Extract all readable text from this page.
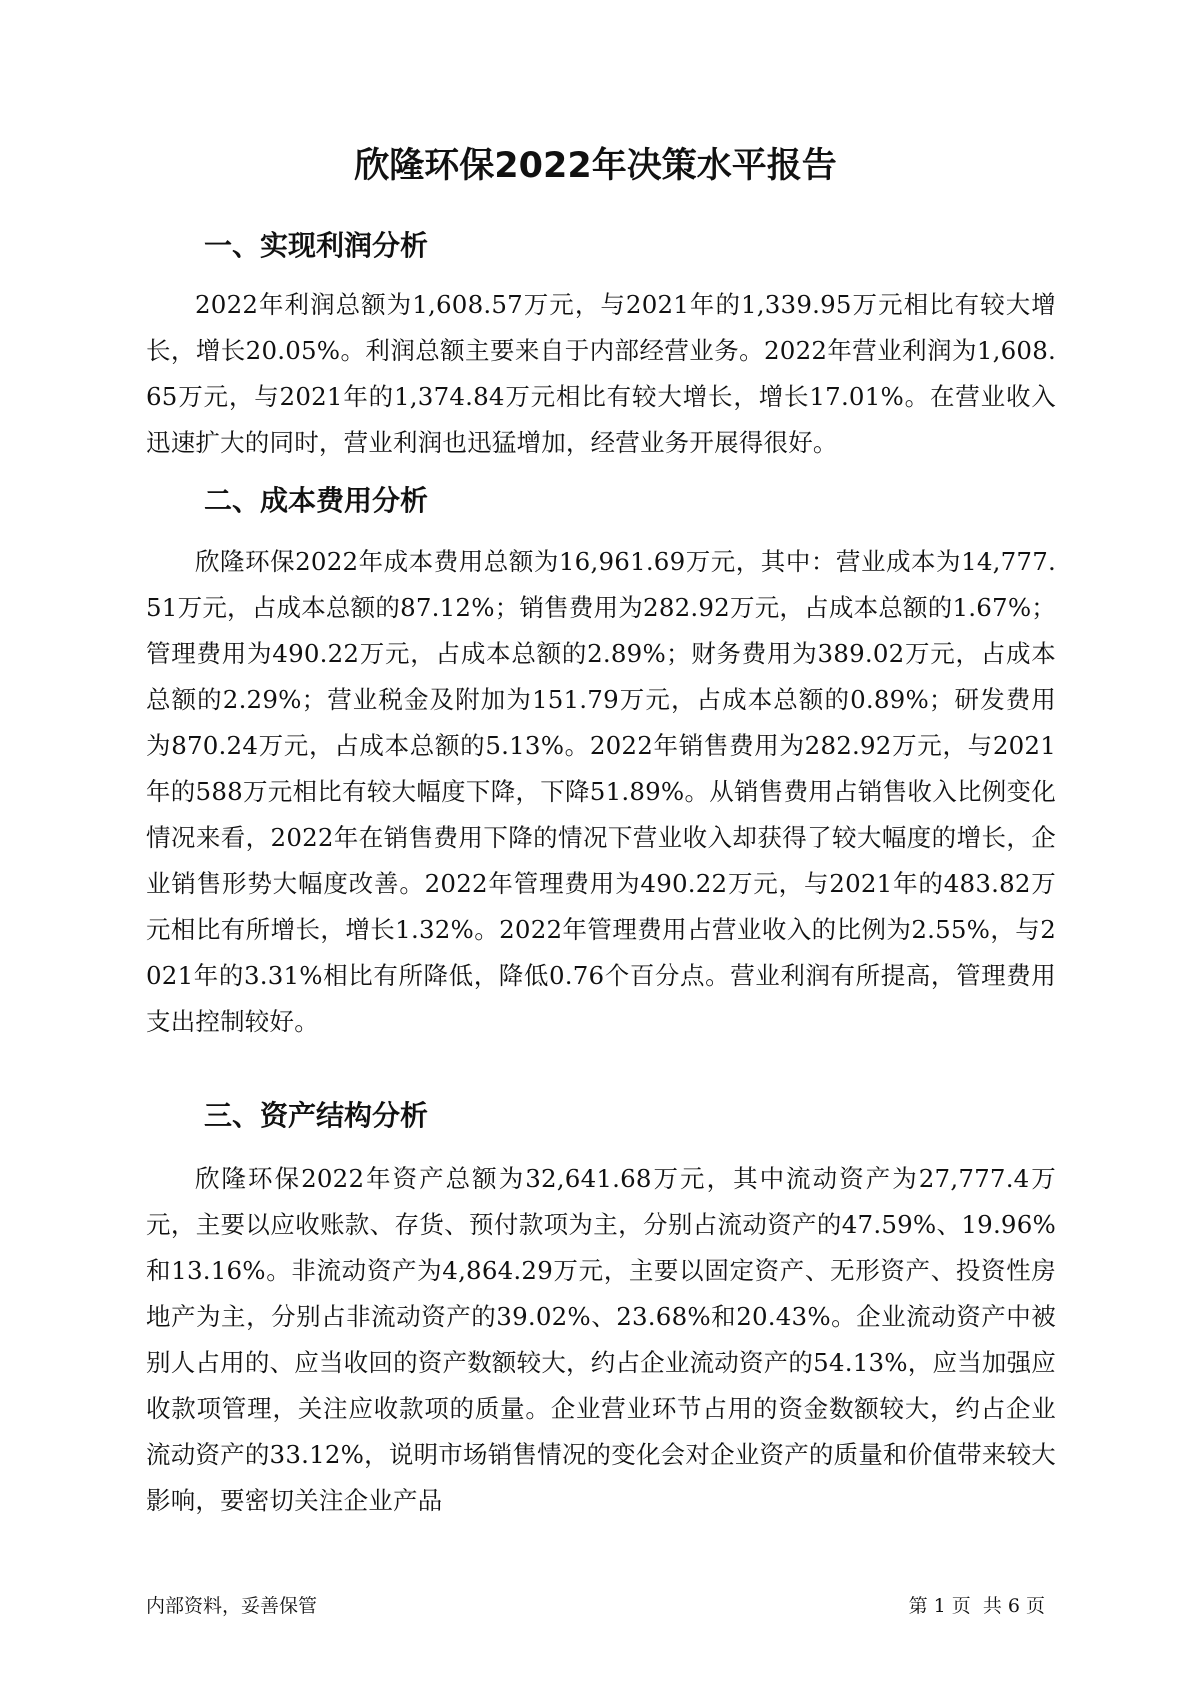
欣隆环保2022年决策水平报告
一、实现利润分析

2022年利润总额为1,608.57万元，与2021年的1,339.95万元相比有较大增长，增长20.05%。利润总额主要来自于内部经营业务。2022年营业利润为1,608.65万元，与2021年的1,374.84万元相比有较大增长，增长17.01%。在营业收入迅速扩大的同时，营业利润也迅猛增加，经营业务开展得很好。

二、成本费用分析

欣隆环保2022年成本费用总额为16,961.69万元，其中：营业成本为14,777.51万元，占成本总额的87.12%；销售费用为282.92万元，占成本总额的1.67%；管理费用为490.22万元，占成本总额的2.89%；财务费用为389.02万元，占成本总额的2.29%；营业税金及附加为151.79万元，占成本总额的0.89%；研发费用为870.24万元，占成本总额的5.13%。2022年销售费用为282.92万元，与2021年的588万元相比有较大幅度下降，下降51.89%。从销售费用占销售收入比例变化情况来看，2022年在销售费用下降的情况下营业收入却获得了较大幅度的增长，企业销售形势大幅度改善。2022年管理费用为490.22万元，与2021年的483.82万元相比有所增长，增长1.32%。2022年管理费用占营业收入的比例为2.55%，与2021年的3.31%相比有所降低，降低0.76个百分点。营业利润有所提高，管理费用支出控制较好。

三、资产结构分析

欣隆环保2022年资产总额为32,641.68万元，其中流动资产为27,777.4万元，主要以应收账款、存货、预付款项为主，分别占流动资产的47.59%、19.96%和13.16%。非流动资产为4,864.29万元，主要以固定资产、无形资产、投资性房地产为主，分别占非流动资产的39.02%、23.68%和20.43%。企业流动资产中被别人占用的、应当收回的资产数额较大，约占企业流动资产的54.13%，应当加强应收款项管理，关注应收款项的质量。企业营业环节占用的资金数额较大，约占企业流动资产的33.12%，说明市场销售情况的变化会对企业资产的质量和价值带来较大影响，要密切关注企业产品

内部资料，妥善保管	第 1 页  共 6 页
